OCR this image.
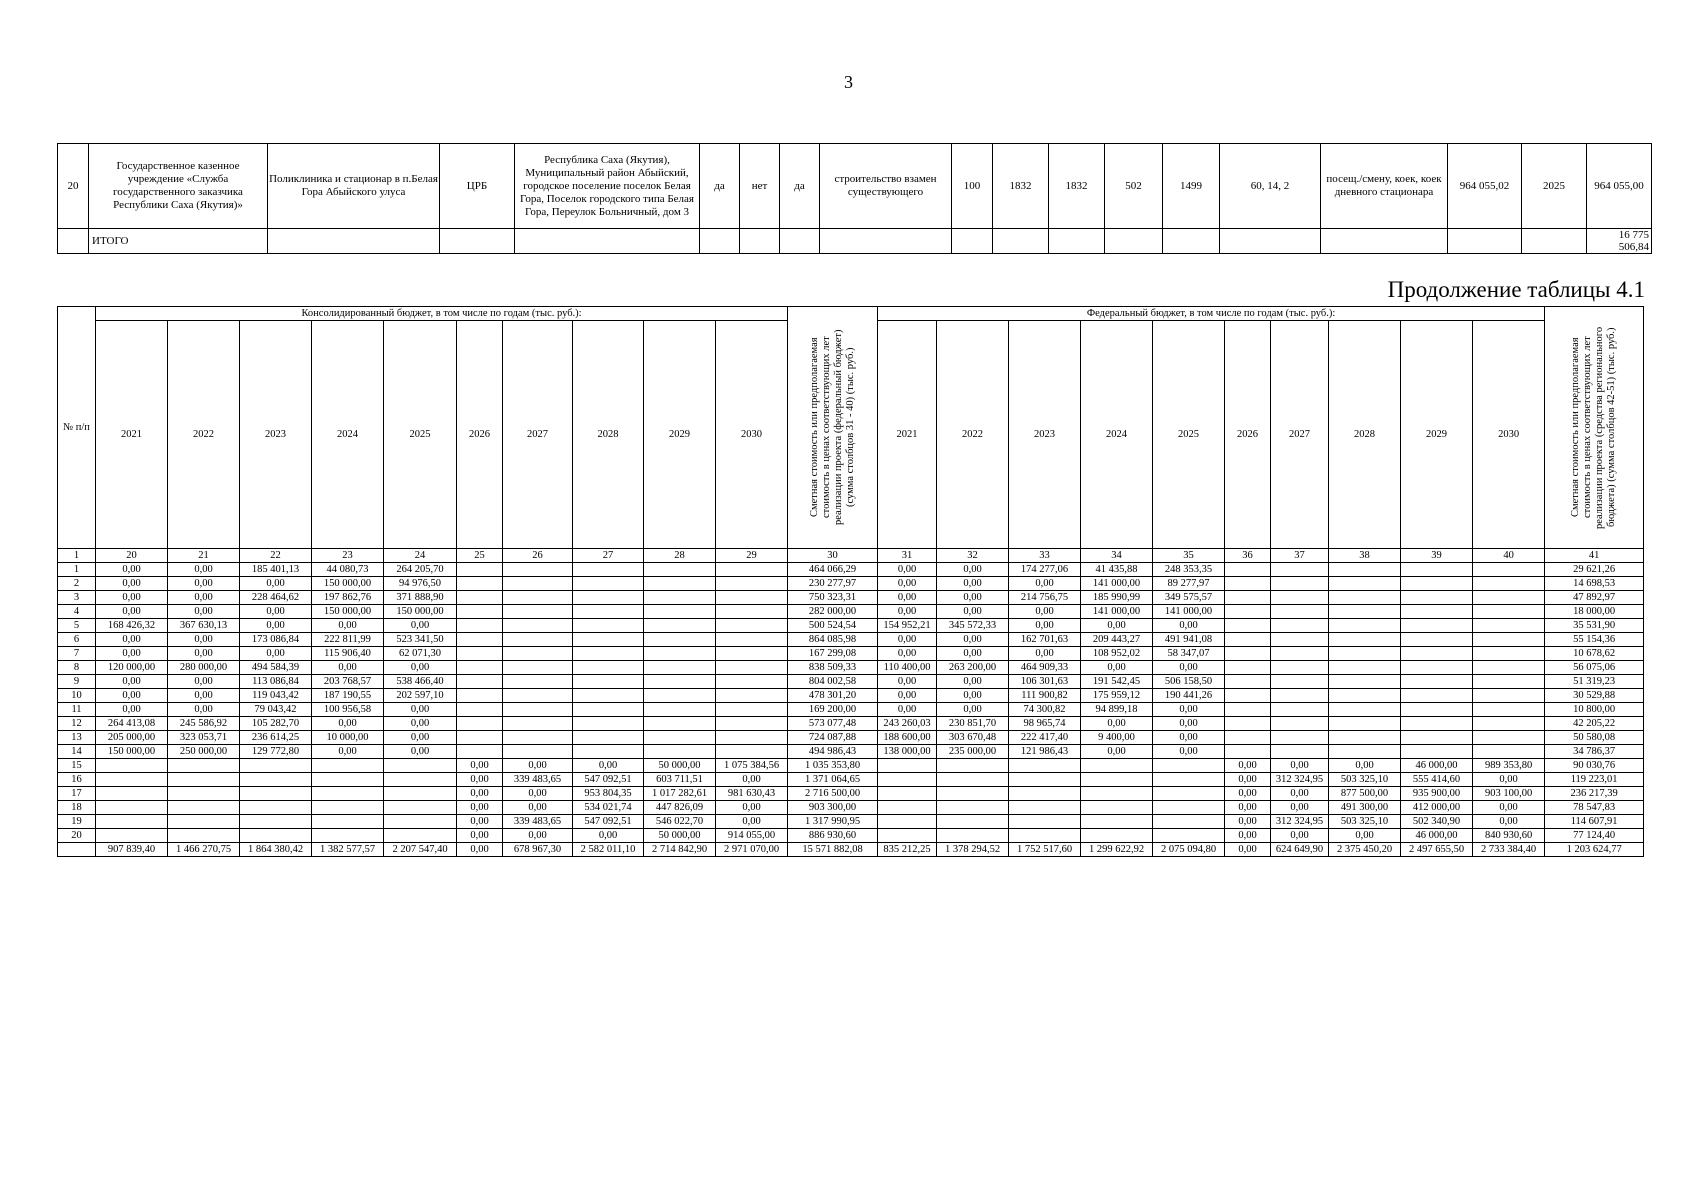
3
20	Государственное казенное учреждение «Служба государственного заказчика Республики Саха (Якутия)»	Поликлиника и стационар в п.Белая Гора Абыйского улуса	ЦРБ	Республика Саха (Якутия), Муниципальный район Абыйский, городское поселение поселок Белая Гора, Поселок городского типа Белая Гора, Переулок Больничный, дом 3	да	нет	да	строительство взамен существующего	100	1832	1832	502	1499	60, 14, 2	посещ./смену, коек, коек дневного стационара	964 055,02	2025	964 055,00
	ИТОГО																	16 775 506,84
Продолжение таблицы 4.1
№ п/п	Консолидированный бюджет, в том числе по годам (тыс. руб.):										Сметная стоимость или предполагаемая стоимость в ценах соответствующих лет реализации проекта (федеральный бюджет) (сумма столбцов 31 - 40) (тыс. руб.)	Федеральный бюджет, в том числе по годам (тыс. руб.):										Сметная стоимость или предполагаемая стоимость в ценах соответствующих лет реализации проекта (средства регионального бюджета) (сумма столбцов 42-51) (тыс. руб.)

	2021	2022	2023	2024	2025	2026	2027	2028	2029	2030		2021	2022	2023	2024	2025	2026	2027	2028	2029	2030	
1	20	21	22	23	24	25	26	27	28	29	30	31	32	33	34	35	36	37	38	39	40	41
1	0,00	0,00	185 401,13	44 080,73	264 205,70						464 066,29	0,00	0,00	174 277,06	41 435,88	248 353,35						29 621,26
2	0,00	0,00	0,00	150 000,00	94 976,50						230 277,97	0,00	0,00	0,00	141 000,00	89 277,97						14 698,53
3	0,00	0,00	228 464,62	197 862,76	371 888,90						750 323,31	0,00	0,00	214 756,75	185 990,99	349 575,57						47 892,97
4	0,00	0,00	0,00	150 000,00	150 000,00						282 000,00	0,00	0,00	0,00	141 000,00	141 000,00						18 000,00
5	168 426,32	367 630,13	0,00	0,00	0,00						500 524,54	154 952,21	345 572,33	0,00	0,00	0,00						35 531,90
6	0,00	0,00	173 086,84	222 811,99	523 341,50						864 085,98	0,00	0,00	162 701,63	209 443,27	491 941,08						55 154,36
7	0,00	0,00	0,00	115 906,40	62 071,30						167 299,08	0,00	0,00	0,00	108 952,02	58 347,07						10 678,62
8	120 000,00	280 000,00	494 584,39	0,00	0,00						838 509,33	110 400,00	263 200,00	464 909,33	0,00	0,00						56 075,06
9	0,00	0,00	113 086,84	203 768,57	538 466,40						804 002,58	0,00	0,00	106 301,63	191 542,45	506 158,50						51 319,23
10	0,00	0,00	119 043,42	187 190,55	202 597,10						478 301,20	0,00	0,00	111 900,82	175 959,12	190 441,26						30 529,88
11	0,00	0,00	79 043,42	100 956,58	0,00						169 200,00	0,00	0,00	74 300,82	94 899,18	0,00						10 800,00
12	264 413,08	245 586,92	105 282,70	0,00	0,00						573 077,48	243 260,03	230 851,70	98 965,74	0,00	0,00						42 205,22
13	205 000,00	323 053,71	236 614,25	10 000,00	0,00						724 087,88	188 600,00	303 670,48	222 417,40	9 400,00	0,00						50 580,08
14	150 000,00	250 000,00	129 772,80	0,00	0,00						494 986,43	138 000,00	235 000,00	121 986,43	0,00	0,00						34 786,37
15						0,00	0,00	0,00	50 000,00	1 075 384,56	1 035 353,80						0,00	0,00	0,00	46 000,00	989 353,80	90 030,76
16						0,00	339 483,65	547 092,51	603 711,51	0,00	1 371 064,65						0,00	312 324,95	503 325,10	555 414,60	0,00	119 223,01
17						0,00	0,00	953 804,35	1 017 282,61	981 630,43	2 716 500,00						0,00	0,00	877 500,00	935 900,00	903 100,00	236 217,39
18						0,00	0,00	534 021,74	447 826,09	0,00	903 300,00						0,00	0,00	491 300,00	412 000,00	0,00	78 547,83
19						0,00	339 483,65	547 092,51	546 022,70	0,00	1 317 990,95						0,00	312 324,95	503 325,10	502 340,90	0,00	114 607,91
20						0,00	0,00	0,00	50 000,00	914 055,00	886 930,60						0,00	0,00	0,00	46 000,00	840 930,60	77 124,40
	907 839,40	1 466 270,75	1 864 380,42	1 382 577,57	2 207 547,40	0,00	678 967,30	2 582 011,10	2 714 842,90	2 971 070,00	15 571 882,08	835 212,25	1 378 294,52	1 752 517,60	1 299 622,92	2 075 094,80	0,00	624 649,90	2 375 450,20	2 497 655,50	2 733 384,40	1 203 624,77
